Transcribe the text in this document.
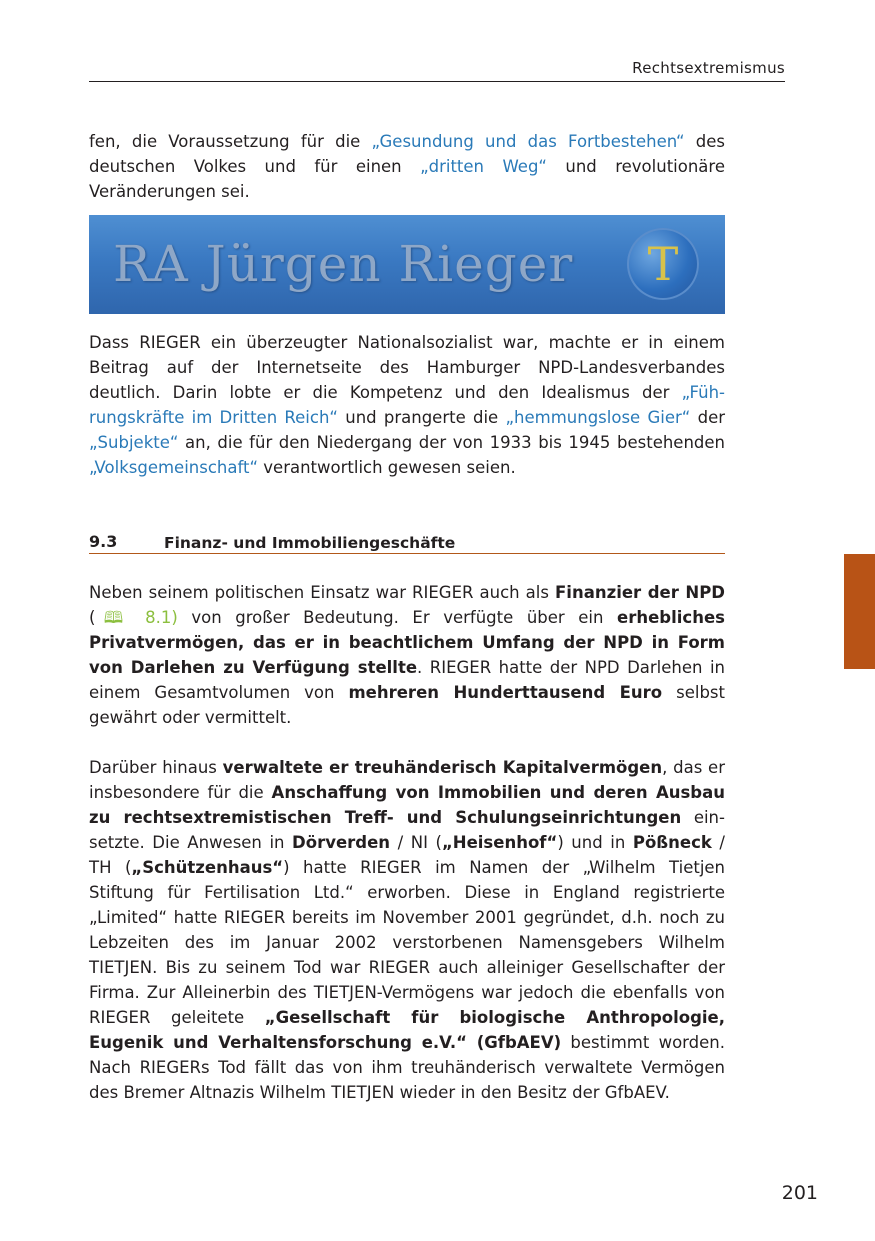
Rechtsextremismus

fen, die Voraussetzung für die „Gesundung und das Fortbestehen“ des deutschen Volkes und für einen „dritten Weg“ und revolutionäre Veränderungen sei.

RA Jürgen Rieger	T

Dass RIEGER ein überzeugter Nationalsozialist war, machte er in einem Beitrag auf der Internetseite des Hamburger NPD-Landesverbandes deutlich. Darin lobte er die Kompetenz und den Idealismus der „Führungskräfte im Dritten Reich“ und prangerte die „hemmungslose Gier“ der „Subjekte“ an, die für den Niedergang der von 1933 bis 1945 bestehenden „Volksgemeinschaft“ verantwortlich gewesen seien.

9.3	Finanz- und Immobiliengeschäfte

Neben seinem politischen Einsatz war RIEGER auch als Finanzier der NPD (🕮 8.1) von großer Bedeutung. Er verfügte über ein erhebliches Privatvermögen, das er in beachtlichem Umfang der NPD in Form von Darlehen zu Verfügung stellte. RIEGER hatte der NPD Darlehen in einem Gesamtvolumen von mehreren Hunderttausend Euro selbst gewährt oder vermittelt.

Darüber hinaus verwaltete er treuhänderisch Kapitalvermögen, das er insbesondere für die Anschaffung von Immobilien und deren Ausbau zu rechtsextremistischen Treff- und Schulungseinrichtungen einsetzte. Die Anwesen in Dörverden / NI („Heisenhof“) und in Pößneck / TH („Schützenhaus“) hatte RIEGER im Namen der „Wilhelm Tietjen Stiftung für Fertilisation Ltd.“ erworben. Diese in England registrierte „Limited“ hatte RIEGER bereits im November 2001 gegründet, d.h. noch zu Lebzeiten des im Januar 2002 verstorbenen Namensgebers Wilhelm TIETJEN. Bis zu seinem Tod war RIEGER auch alleiniger Gesellschafter der Firma. Zur Alleinerbin des TIETJEN-Vermögens war jedoch die ebenfalls von RIEGER geleitete „Gesellschaft für biologische Anthropologie, Eugenik und Verhaltensforschung e.V.“ (GfbAEV) bestimmt worden. Nach RIEGERs Tod fällt das von ihm treuhänderisch verwaltete Vermögen des Bremer Altnazis Wilhelm TIETJEN wieder in den Besitz der GfbAEV.

201
